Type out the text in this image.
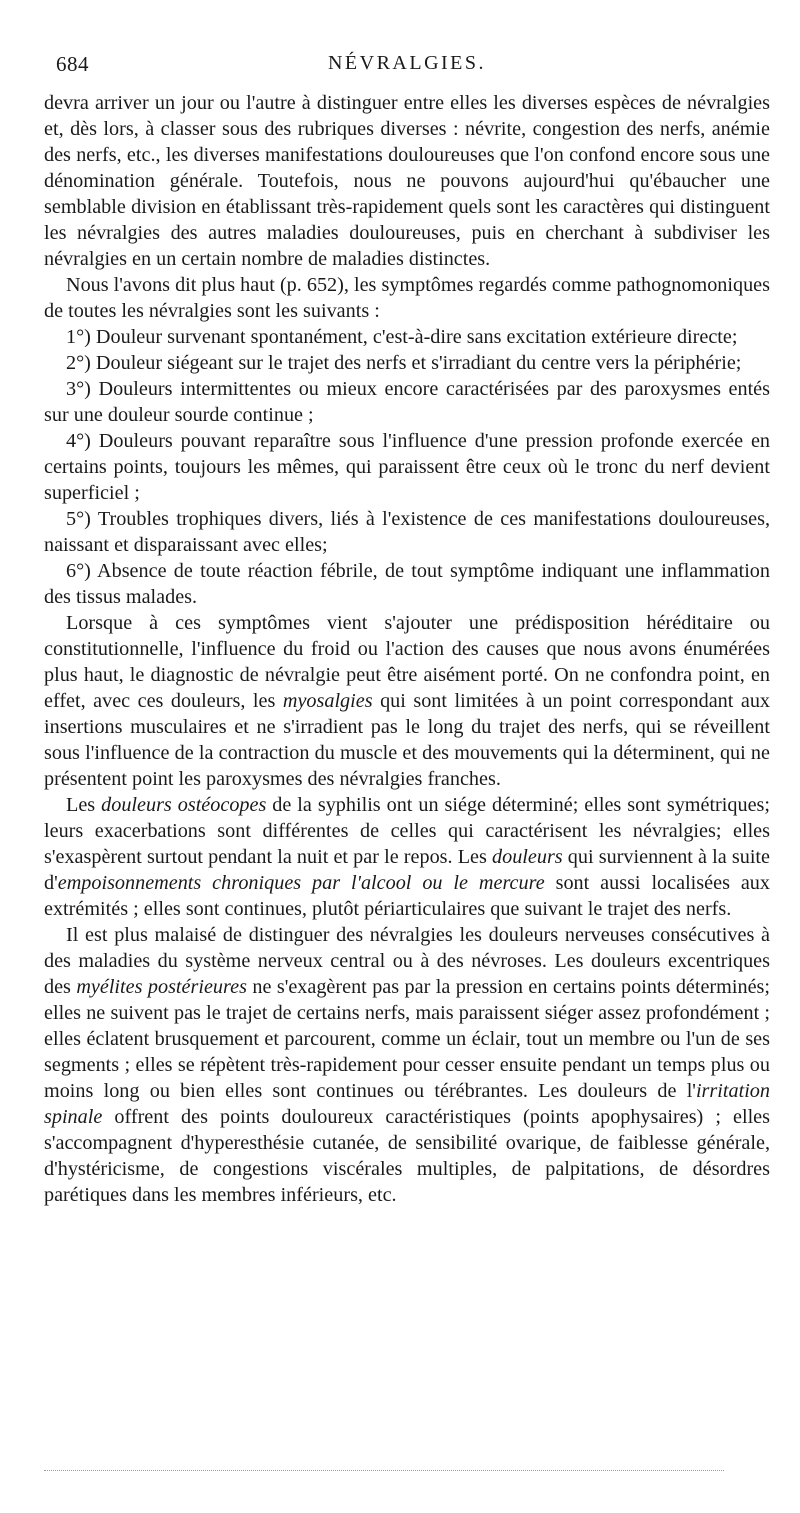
684	NÉVRALGIES.

devra arriver un jour ou l'autre à distinguer entre elles les diverses espèces de névralgies et, dès lors, à classer sous des rubriques diverses : névrite, congestion des nerfs, anémie des nerfs, etc., les diverses manifestations douloureuses que l'on confond encore sous une dénomination générale. Toutefois, nous ne pouvons aujourd'hui qu'ébaucher une semblable division en établissant très-rapidement quels sont les caractères qui distinguent les névralgies des autres maladies douloureuses, puis en cherchant à subdiviser les névralgies en un certain nombre de maladies distinctes.

Nous l'avons dit plus haut (p. 652), les symptômes regardés comme pathognomoniques de toutes les névralgies sont les suivants :

1°) Douleur survenant spontanément, c'est-à-dire sans excitation extérieure directe;

2°) Douleur siégeant sur le trajet des nerfs et s'irradiant du centre vers la périphérie;

3°) Douleurs intermittentes ou mieux encore caractérisées par des paroxysmes entés sur une douleur sourde continue ;

4°) Douleurs pouvant reparaître sous l'influence d'une pression profonde exercée en certains points, toujours les mêmes, qui paraissent être ceux où le tronc du nerf devient superficiel ;

5°) Troubles trophiques divers, liés à l'existence de ces manifestations douloureuses, naissant et disparaissant avec elles;

6°) Absence de toute réaction fébrile, de tout symptôme indiquant une inflammation des tissus malades.

Lorsque à ces symptômes vient s'ajouter une prédisposition héréditaire ou constitutionnelle, l'influence du froid ou l'action des causes que nous avons énumérées plus haut, le diagnostic de névralgie peut être aisément porté. On ne confondra point, en effet, avec ces douleurs, les myosalgies qui sont limitées à un point correspondant aux insertions musculaires et ne s'irradient pas le long du trajet des nerfs, qui se réveillent sous l'influence de la contraction du muscle et des mouvements qui la déterminent, qui ne présentent point les paroxysmes des névralgies franches.

Les douleurs ostéocopes de la syphilis ont un siége déterminé; elles sont symétriques; leurs exacerbations sont différentes de celles qui caractérisent les névralgies; elles s'exaspèrent surtout pendant la nuit et par le repos. Les douleurs qui surviennent à la suite d'empoisonnements chroniques par l'alcool ou le mercure sont aussi localisées aux extrémités ; elles sont continues, plutôt périarticulaires que suivant le trajet des nerfs.

Il est plus malaisé de distinguer des névralgies les douleurs nerveuses consécutives à des maladies du système nerveux central ou à des névroses. Les douleurs excentriques des myélites postérieures ne s'exagèrent pas par la pression en certains points déterminés; elles ne suivent pas le trajet de certains nerfs, mais paraissent siéger assez profondément ; elles éclatent brusquement et parcourent, comme un éclair, tout un membre ou l'un de ses segments ; elles se répètent très-rapidement pour cesser ensuite pendant un temps plus ou moins long ou bien elles sont continues ou térébrantes. Les douleurs de l'irritation spinale offrent des points douloureux caractéristiques (points apophysaires) ; elles s'accompagnent d'hyperesthésie cutanée, de sensibilité ovarique, de faiblesse générale, d'hystéricisme, de congestions viscérales multiples, de palpitations, de désordres parétiques dans les membres inférieurs, etc.
